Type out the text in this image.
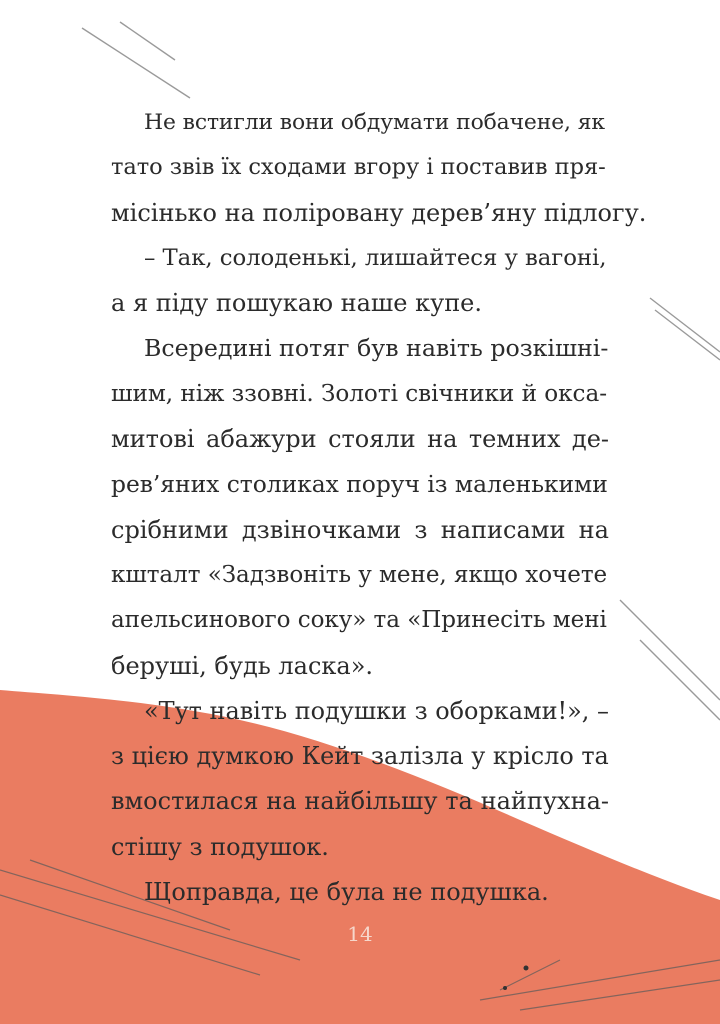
Не встигли вони обдумати побачене, як
тато звів їх сходами вгору і поставив пря-
місінько на поліровану дерев’яну підлогу.

– Так, солоденькі, лишайтеся у вагоні,
а я піду пошукаю наше купе.

Всередині потяг був навіть розкішні-
шим, ніж ззовні. Золоті свічники й окса-
митові абажури стояли на темних де-
рев’яних столиках поруч із маленькими
срібними дзвіночками з написами на
кшталт «Задзвоніть у мене, якщо хочете
апельсинового соку» та «Принесіть мені
беруші, будь ласка».

«Тут навіть подушки з оборками!», –
з цією думкою Кейт залізла у крісло та
вмостилася на найбільшу та найпухна-
стішу з подушок.

Щоправда, це була не подушка.

14
